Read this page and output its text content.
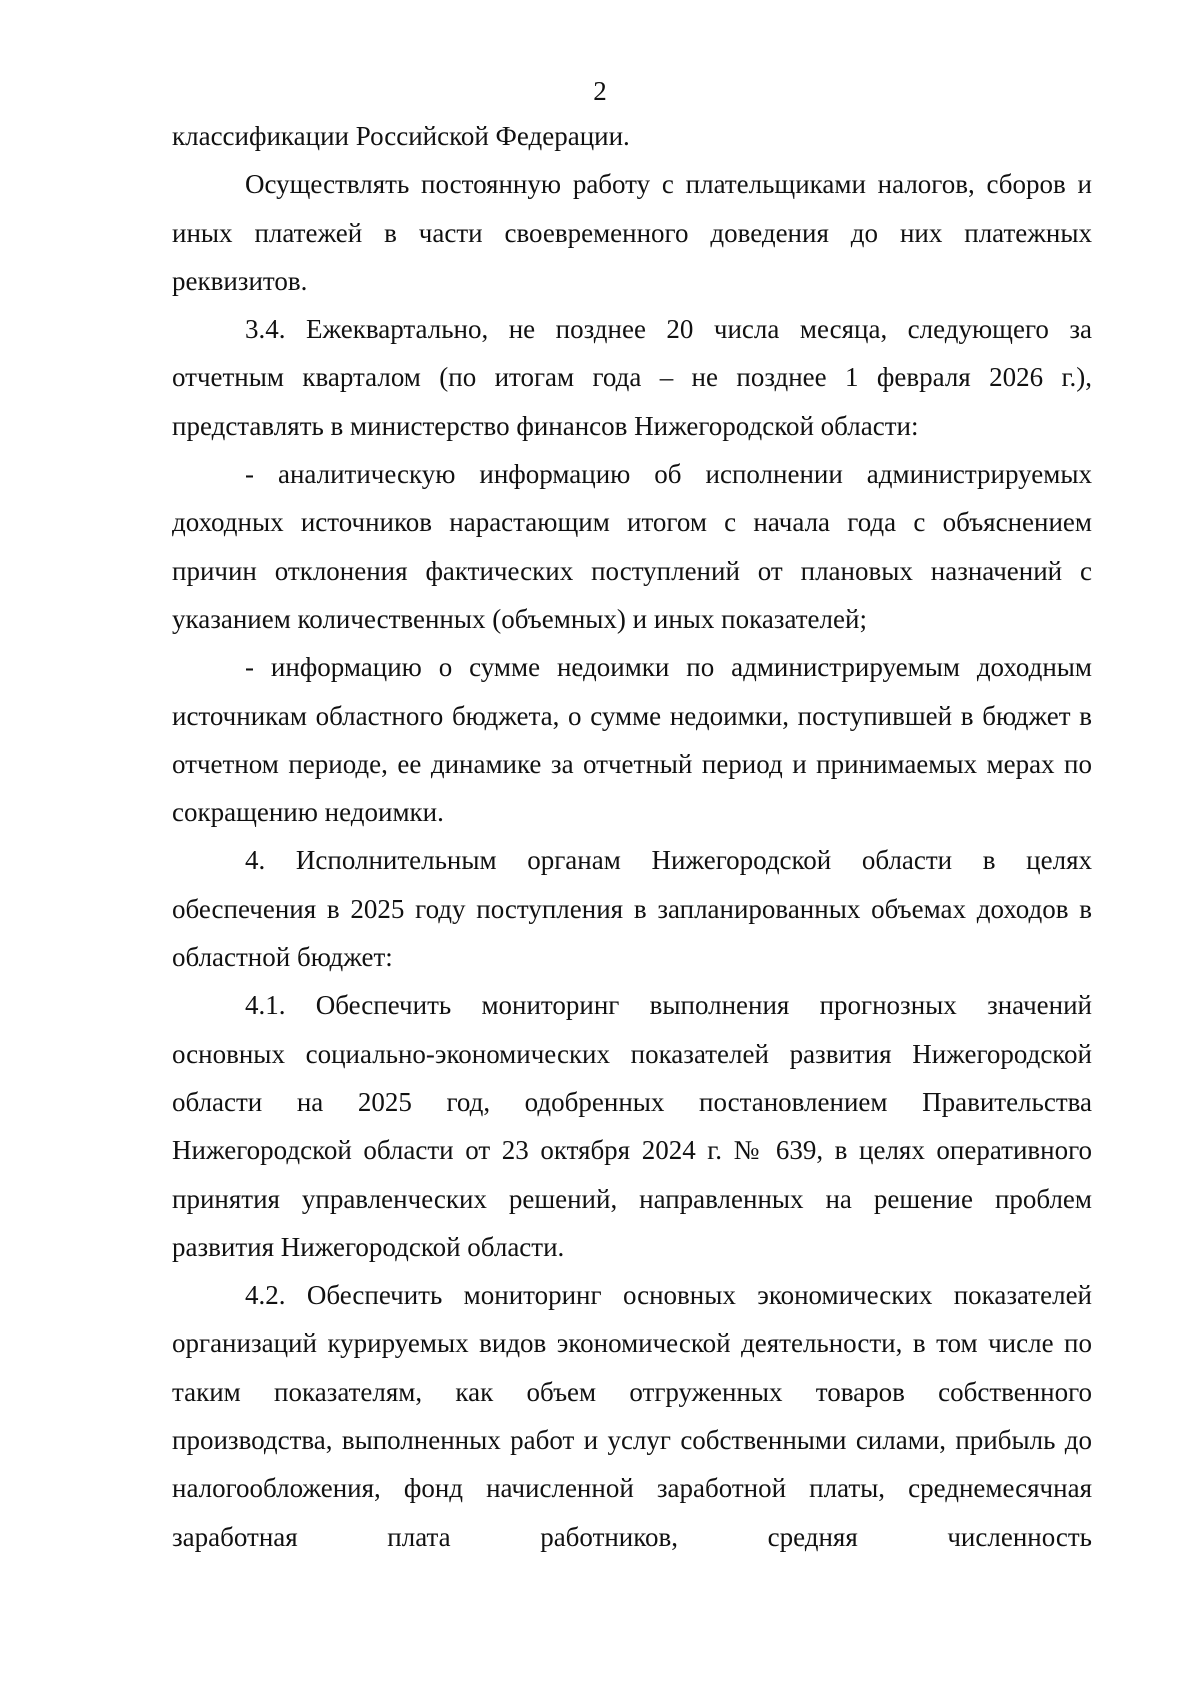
2

классификации Российской Федерации.

Осуществлять постоянную работу с плательщиками налогов, сборов и иных платежей в части своевременного доведения до них платежных реквизитов.

3.4. Ежеквартально, не позднее 20 числа месяца, следующего за отчетным кварталом (по итогам года – не позднее 1 февраля 2026 г.), представлять в министерство финансов Нижегородской области:

- аналитическую информацию об исполнении администрируемых доходных источников нарастающим итогом с начала года с объяснением причин отклонения фактических поступлений от плановых назначений с указанием количественных (объемных) и иных показателей;

- информацию о сумме недоимки по администрируемым доходным источникам областного бюджета, о сумме недоимки, поступившей в бюджет в отчетном периоде, ее динамике за отчетный период и принимаемых мерах по сокращению недоимки.

4. Исполнительным органам Нижегородской области в целях обеспечения в 2025 году поступления в запланированных объемах доходов в областной бюджет:

4.1. Обеспечить мониторинг выполнения прогнозных значений основных социально-экономических показателей развития Нижегородской области на 2025 год, одобренных постановлением Правительства Нижегородской области от 23 октября 2024 г. № 639, в целях оперативного принятия управленческих решений, направленных на решение проблем развития Нижегородской области.

4.2. Обеспечить мониторинг основных экономических показателей организаций курируемых видов экономической деятельности, в том числе по таким показателям, как объем отгруженных товаров собственного производства, выполненных работ и услуг собственными силами, прибыль до налогообложения, фонд начисленной заработной платы, среднемесячная заработная плата работников, средняя численность
